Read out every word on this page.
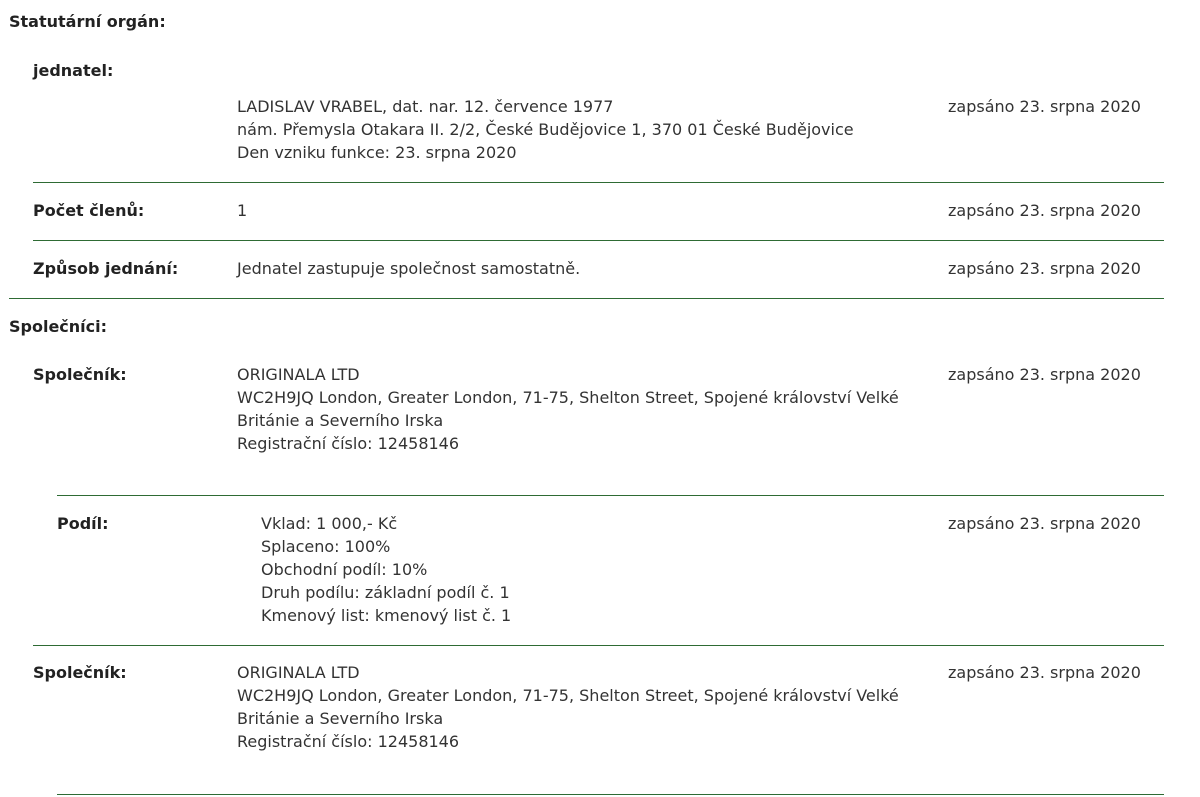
Statutární orgán:
jednatel:
LADISLAV VRABEL, dat. nar. 12. července 1977
nám. Přemysla Otakara II. 2/2, České Budějovice 1, 370 01 České Budějovice
Den vzniku funkce: 23. srpna 2020
zapsáno 23. srpna 2020
Počet členů:	1	zapsáno 23. srpna 2020
Způsob jednání:	Jednatel zastupuje společnost samostatně.	zapsáno 23. srpna 2020
Společníci:
Společník:	ORIGINALA LTD
WC2H9JQ London, Greater London, 71-75, Shelton Street, Spojené království Velké
Británie a Severního Irska
Registrační číslo: 12458146
zapsáno 23. srpna 2020
Podíl:	Vklad: 1 000,- Kč
Splaceno: 100%
Obchodní podíl: 10%
Druh podílu: základní podíl č. 1
Kmenový list: kmenový list č. 1
zapsáno 23. srpna 2020
Společník:	ORIGINALA LTD
WC2H9JQ London, Greater London, 71-75, Shelton Street, Spojené království Velké
Británie a Severního Irska
Registrační číslo: 12458146
zapsáno 23. srpna 2020
